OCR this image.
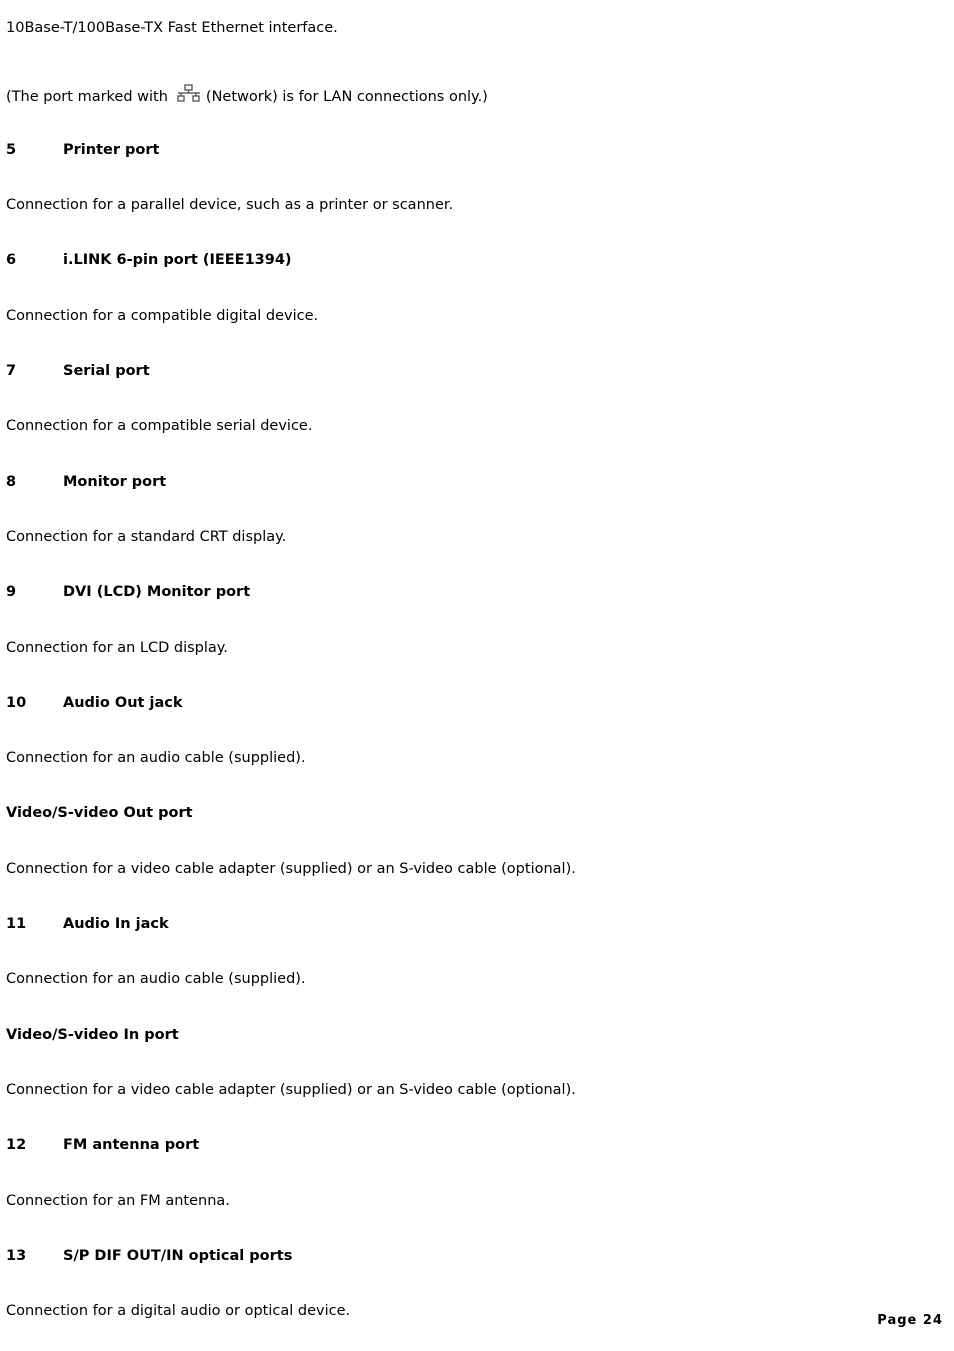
10Base-T/100Base-TX Fast Ethernet interface.
(The port marked with	(Network) is for LAN connections only.)
5	Printer port
Connection for a parallel device, such as a printer or scanner.
6	i.LINK 6-pin port (IEEE1394)
Connection for a compatible digital device.
7	Serial port
Connection for a compatible serial device.
8	Monitor port
Connection for a standard CRT display.
9	DVI (LCD) Monitor port
Connection for an LCD display.
10	Audio Out jack
Connection for an audio cable (supplied).
Video/S-video Out port
Connection for a video cable adapter (supplied) or an S-video cable (optional).
11	Audio In jack
Connection for an audio cable (supplied).
Video/S-video In port
Connection for a video cable adapter (supplied) or an S-video cable (optional).
12	FM antenna port
Connection for an FM antenna.
13	S/P DIF OUT/IN optical ports
Connection for a digital audio or optical device.
Page 24
